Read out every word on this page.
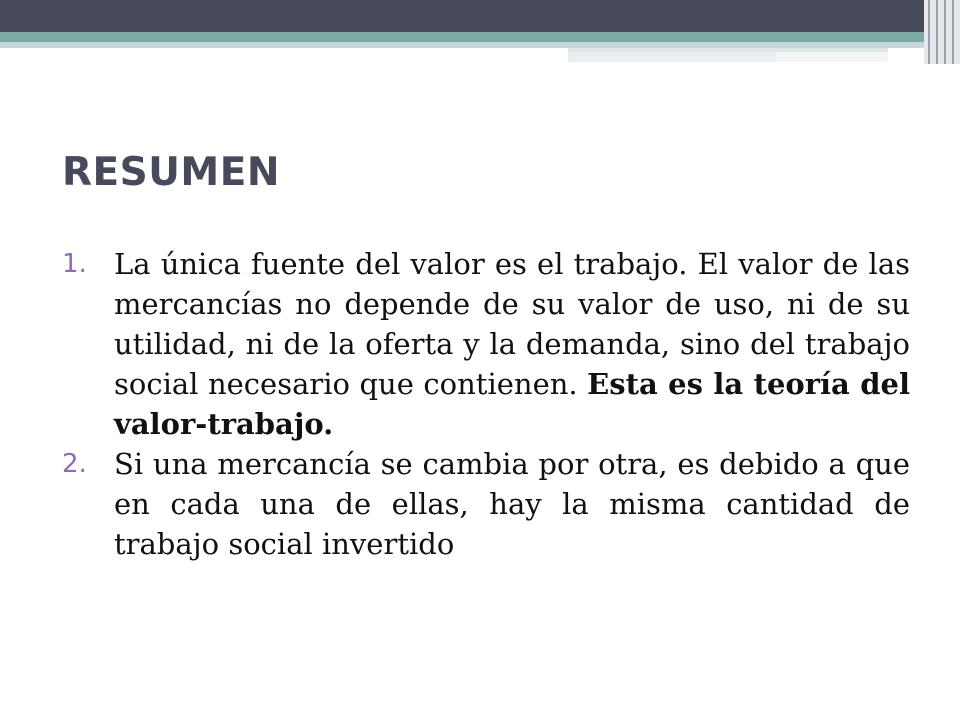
RESUMEN
1. La única fuente del valor es el trabajo. El valor de las mercancías no depende de su valor de uso, ni de su utilidad, ni de la oferta y la demanda, sino del trabajo social necesario que contienen. Esta es la teoría del valor-trabajo.
2. Si una mercancía se cambia por otra, es debido a que en cada una de ellas, hay la misma cantidad de trabajo social invertido
